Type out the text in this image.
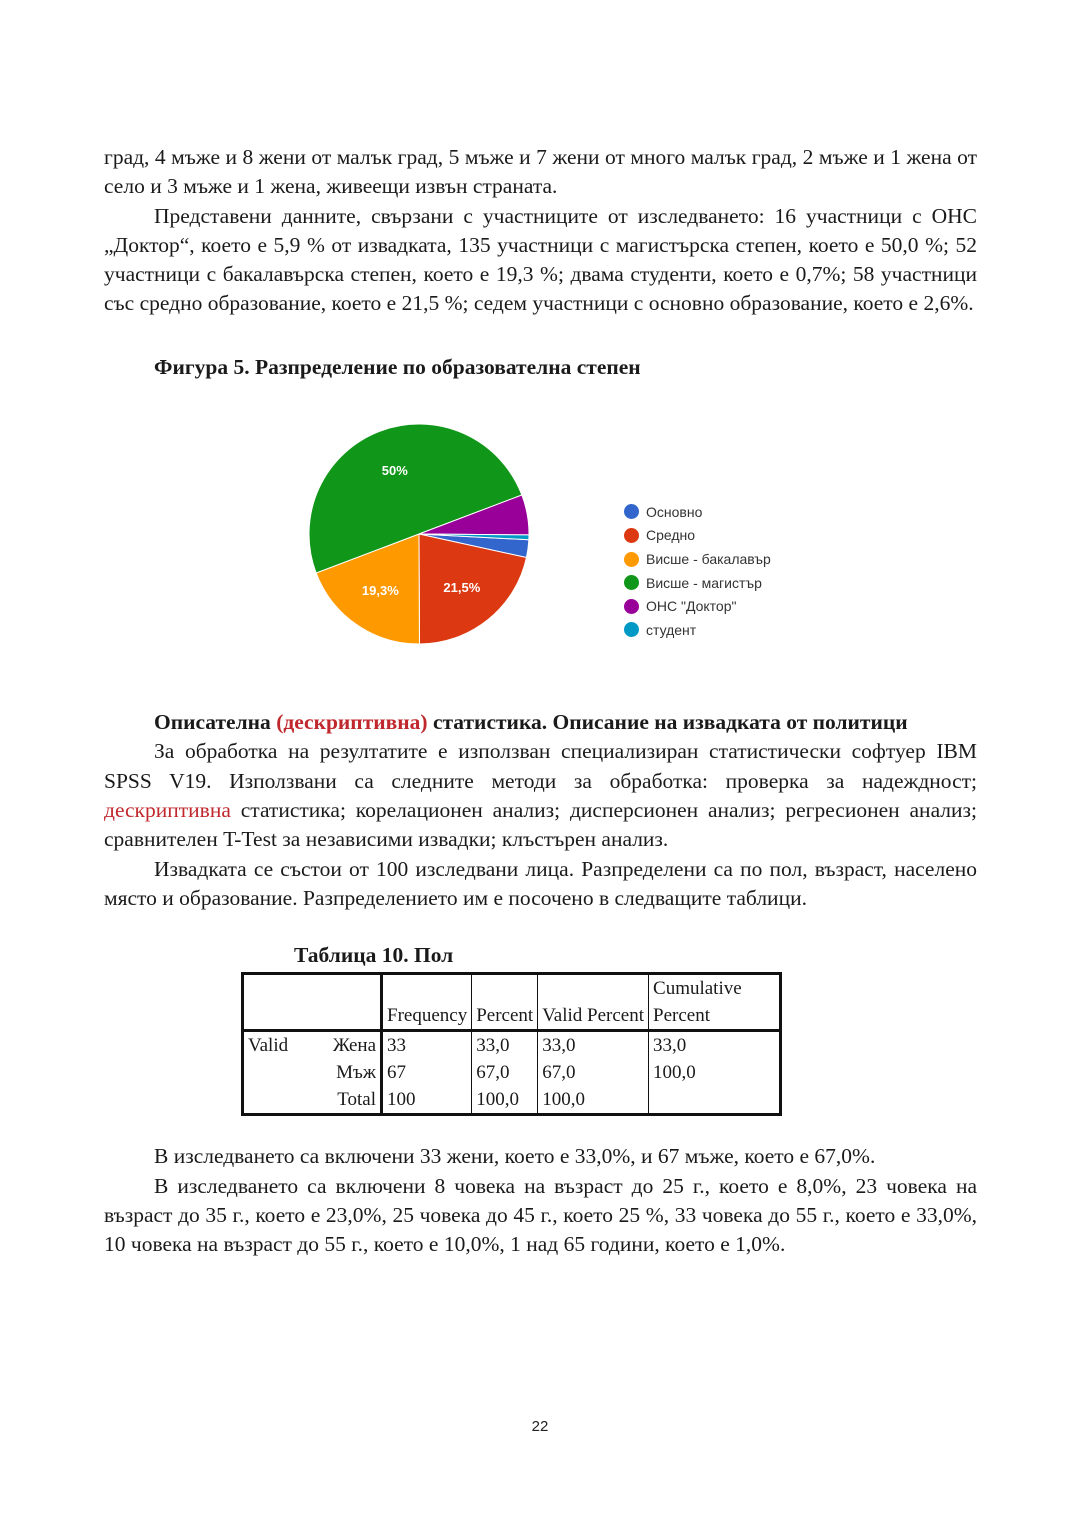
град, 4 мъже и 8 жени от малък град, 5 мъже и 7 жени от много малък град, 2 мъже и 1 жена от село и 3 мъже и 1 жена, живеещи извън страната.

Представени данните, свързани с участниците от изследването: 16 участници с ОНС „Доктор“, което е 5,9 % от извадката, 135 участници с магистърска степен, което е 50,0 %; 52 участници с бакалавърска степен, което е 19,3 %; двама студенти, което е 0,7%; 58 участници със средно образование, което е 21,5 %; седем участници с основно образование, което е 2,6%.

Фигура 5. Разпределение по образователна степен
21,5%
19,3%
50%
Основно
Средно
Висше - бакалавър
Висше - магистър
ОНС "Доктор"
студент
Описателна (дескриптивна) статистика. Описание на извадката от политици

За обработка на резултатите е използван специализиран статистически софтуер IBM SPSS V19. Използвани са следните методи за обработка: проверка за надеждност; дескриптивна статистика; корелационен анализ; дисперсионен анализ; регресионен анализ; сравнителен T-Test за независими извадки; клъстърен анализ.

Извадката се състои от 100 изследвани лица. Разпределени са по пол, възраст, населено място и образование. Разпределението им е посочено в следващите таблици.

Таблица 10. Пол
		Frequency	Percent	Valid Percent	Cumulative
Percent
Valid	Жена	33	33,0	33,0	33,0
	Мъж	67	67,0	67,0	100,0
	Total	100	100,0	100,0	

В изследването са включени 33 жени, което е 33,0%, и 67 мъже, което е 67,0%.

В изследването са включени 8 човека на възраст до 25 г., което е 8,0%, 23 човека на възраст до 35 г., което е 23,0%, 25 човека до 45 г., което 25 %, 33 човека до 55 г., което е 33,0%, 10 човека на възраст до 55 г., което е 10,0%, 1 над 65 години, което е 1,0%.

22
